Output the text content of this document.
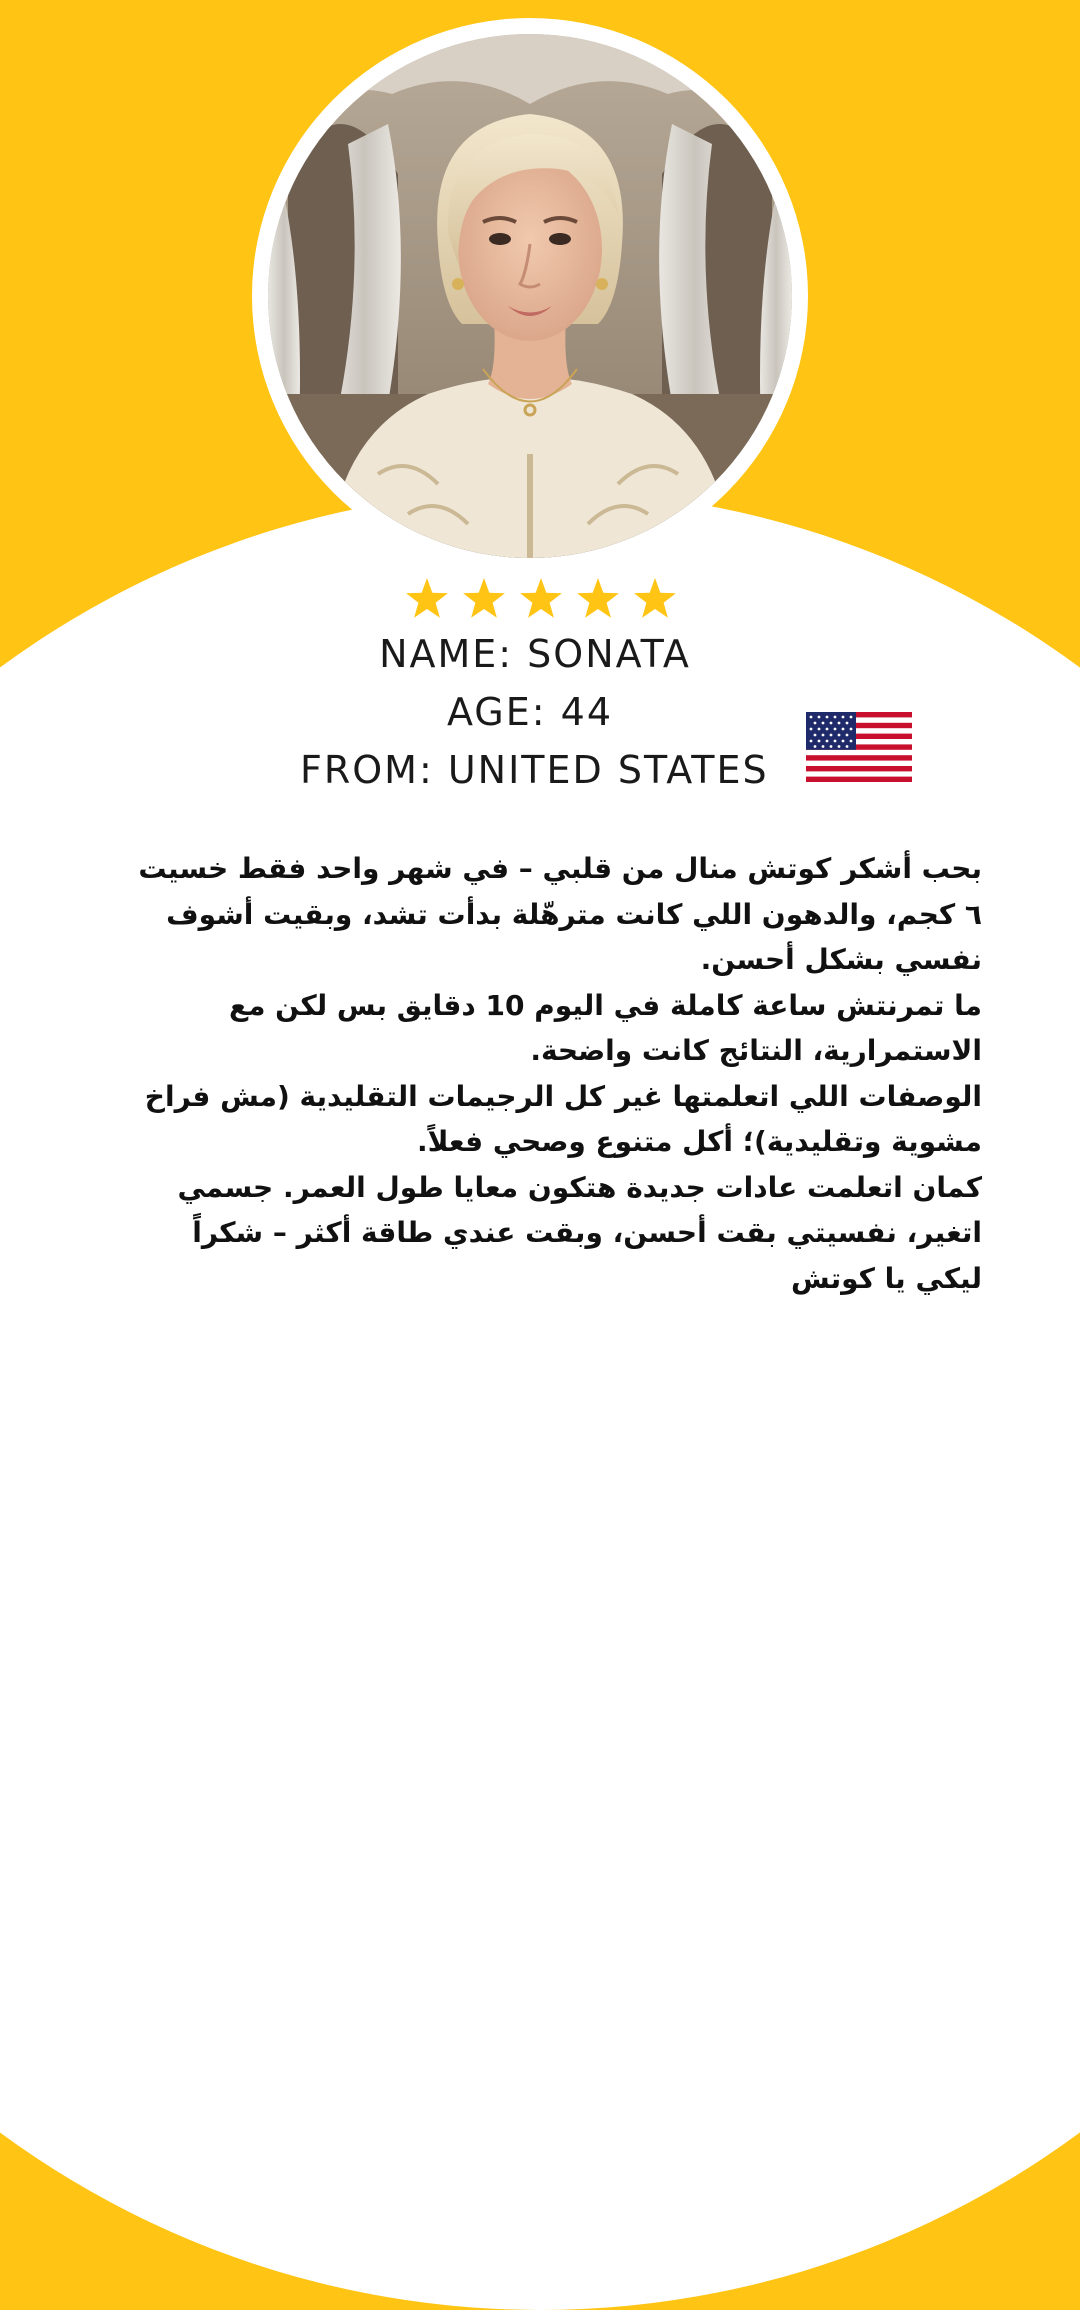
NAME: SONATA
AGE: 44
FROM: UNITED STATES

بحب أشكر كوتش منال من قلبي – في شهر واحد فقط خسيت ٦ كجم، والدهون اللي كانت مترهّلة بدأت تشد، وبقيت أشوف نفسي بشكل أحسن.

ما تمرنتش ساعة كاملة في اليوم 10 دقايق بس لكن مع الاستمرارية، النتائج كانت واضحة.

الوصفات اللي اتعلمتها غير كل الرجيمات التقليدية (مش فراخ مشوية وتقليدية)؛ أكل متنوع وصحي فعلاً.

كمان اتعلمت عادات جديدة هتكون معايا طول العمر. جسمي اتغير، نفسيتي بقت أحسن، وبقت عندي طاقة أكثر – شكراً ليكي يا كوتش
